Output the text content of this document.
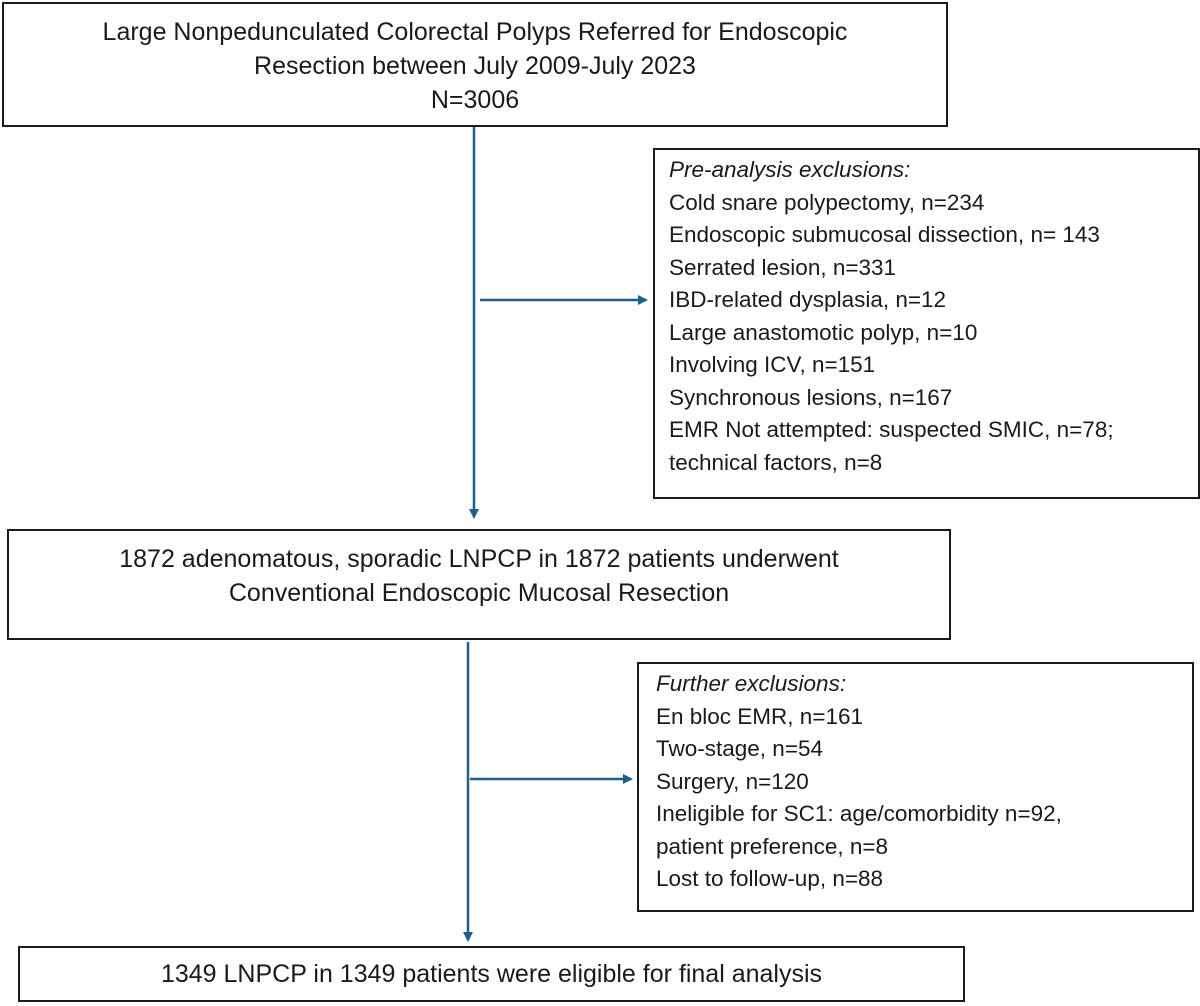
Large Nonpedunculated Colorectal Polyps Referred for Endoscopic
Resection between July 2009-July 2023
N=3006
Pre-analysis exclusions:
Cold snare polypectomy, n=234
Endoscopic submucosal dissection, n= 143
Serrated lesion, n=331
IBD-related dysplasia, n=12
Large anastomotic polyp, n=10
Involving ICV, n=151
Synchronous lesions, n=167
EMR Not attempted: suspected SMIC, n=78;
technical factors, n=8
1872 adenomatous, sporadic LNPCP in 1872 patients underwent
Conventional Endoscopic Mucosal Resection
Further exclusions:
En bloc EMR, n=161
Two-stage, n=54
Surgery, n=120
Ineligible for SC1: age/comorbidity n=92,
patient preference, n=8
Lost to follow-up, n=88
1349 LNPCP in 1349 patients were eligible for final analysis
